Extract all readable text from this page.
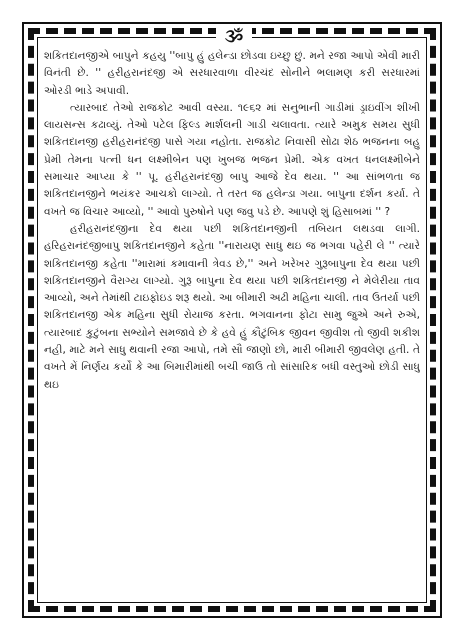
ૐ

શકિતદાનજીએ બાપુને કહયુ ''બાપુ હું હલેન્ડા છોડવા ઇચ્છુ છું. મને રજા આપો એવી મારી વિનંતી છે. '' હરીહરાનંદજી એ સરધારવાળા વીરચંદ સોનીને ભલામણ કરી સરધારમાં ઓરડી ભાડે અપાવી.

ત્યારબાદ તેઓ રાજકોટ આવી વસ્યા. ૧૯૬૨ માં સનુભાની ગાડીમાં ડ્રાઇવીંગ શીખી લાયસન્સ કઢાવ્યું. તેઓ પટેલ ફિલ્ડ માર્શલની ગાડી ચલાવતા. ત્યારે અમુક સમય સુધી શકિતદાનજી હરીહરાનંદજી પાસે ગયા નહોતા. રાજકોટ નિવાસી સોઢા શેઠ ભજનના બહુ પ્રેમી તેમના પત્ની ધન લક્ષ્મીબેન પણ ખુબજ ભજન પ્રેમી. એક વખત ધનલક્ષ્મીબેને સમાચાર આપ્યા કે '' પૂ. હરીહરાનંદજી બાપુ આજે દેવ થયા. '' આ સાંભળતા જ શકિતદાનજીને ભયંકર આચકો લાગ્યો. તે તરત જ હલેન્ડા ગયા. બાપુના દર્શન કર્યા. તે વખતે જ વિચાર આવ્યો, '' આવો પુરુષોને પણ જવુ પડે છે. આપણે શું હિસાબમાં '' ?

હરીહરાનંદજીના દેવ થયા પછી શકિતદાનજીની તબિયત લથડવા લાગી. હરિહરાનંદજીબાપુ શકિતદાનજીને કહેતા ''નારાયણ સાધુ થઇ જ ભગવા પહેરી લે '' ત્યારે શકિતદાનજી કહેતા ''મારામાં કમાવાની ત્રેવડ છે,'' અને ખરેખર ગુરૂબાપુના દેવ થયા પછી શકિતદાનજીને વૈરાગ્ય લાગ્યો. ગુરૂ બાપુના દેવ થયા પછી શકિતદાનજી ને મેલેરીયા તાવ આવ્યો, અને તેમાંથી ટાઇફોઇડ શરૂ થયો. આ બીમારી અઢી મહિના ચાલી. તાવ ઉતર્યા પછી શકિતદાનજી એક મહિના સુધી રોયાજ કરતા. ભગવાનના ફોટા સામુ જુએ અને રુએ, ત્યારબાદ કુટુંબના સભ્યોને સમજાવે છે કે હવે હું કૌટુંબિક જીવન જીવીશ તો જીવી શકીશ નહી, માટે મને સાધુ થવાની રજા આપો, તમે સૌ જાણો છો, મારી બીમારી જીવલેણ હતી. તે વખતે મેં નિર્ણય કર્યો કે આ બિમારીમાંથી બચી જાઉ તો સાંસારિક બધી વસ્તુઓ છોડી સાધુ થઇ
